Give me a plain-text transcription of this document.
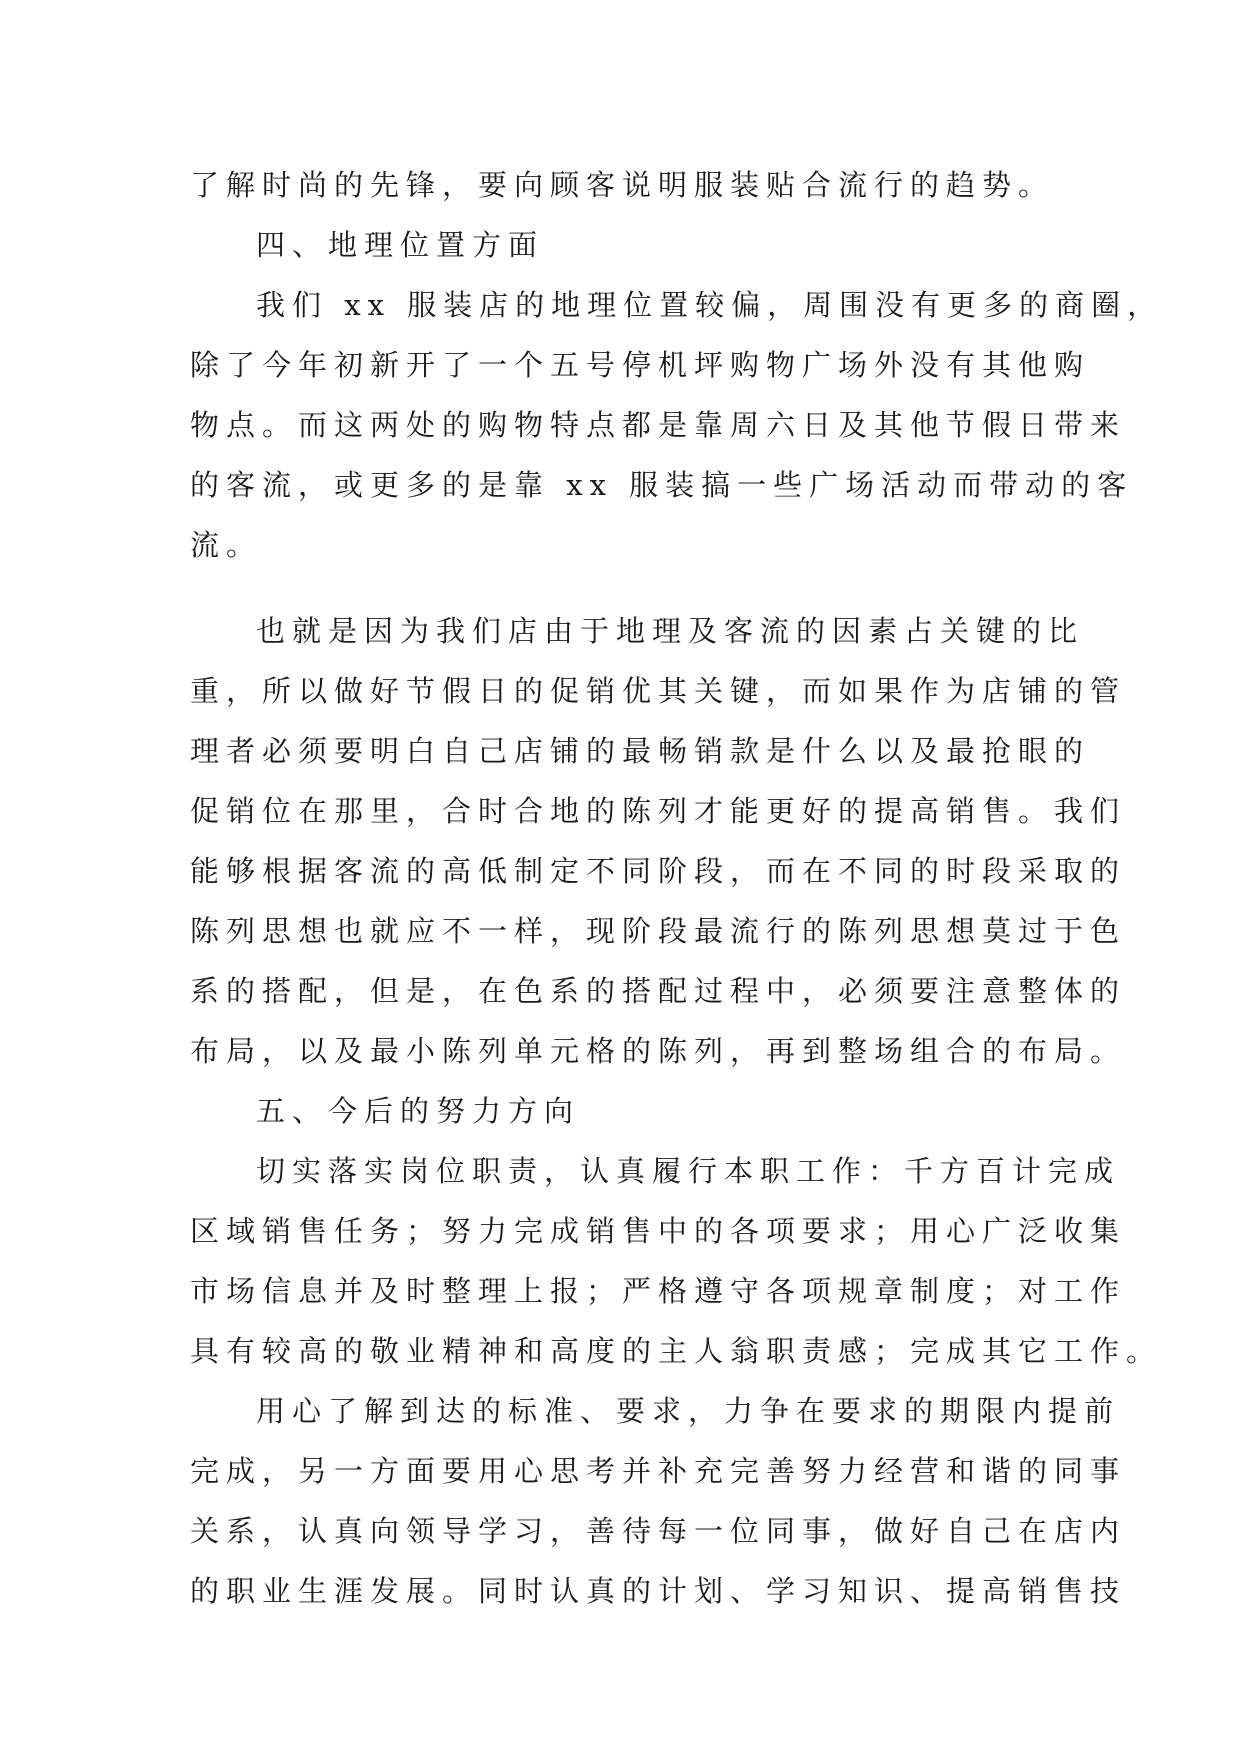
了解时尚的先锋，要向顾客说明服装贴合流行的趋势。
四、地理位置方面
我们 xx 服装店的地理位置较偏，周围没有更多的商圈，
除了今年初新开了一个五号停机坪购物广场外没有其他购
物点。而这两处的购物特点都是靠周六日及其他节假日带来
的客流，或更多的是靠 xx 服装搞一些广场活动而带动的客
流。
也就是因为我们店由于地理及客流的因素占关键的比
重，所以做好节假日的促销优其关键，而如果作为店铺的管
理者必须要明白自己店铺的最畅销款是什么以及最抢眼的
促销位在那里，合时合地的陈列才能更好的提高销售。我们
能够根据客流的高低制定不同阶段，而在不同的时段采取的
陈列思想也就应不一样，现阶段最流行的陈列思想莫过于色
系的搭配，但是，在色系的搭配过程中，必须要注意整体的
布局，以及最小陈列单元格的陈列，再到整场组合的布局。
五、今后的努力方向
切实落实岗位职责，认真履行本职工作：千方百计完成
区域销售任务；努力完成销售中的各项要求；用心广泛收集
市场信息并及时整理上报；严格遵守各项规章制度；对工作
具有较高的敬业精神和高度的主人翁职责感；完成其它工作。
用心了解到达的标准、要求，力争在要求的期限内提前
完成，另一方面要用心思考并补充完善努力经营和谐的同事
关系，认真向领导学习，善待每一位同事，做好自己在店内
的职业生涯发展。同时认真的计划、学习知识、提高销售技
